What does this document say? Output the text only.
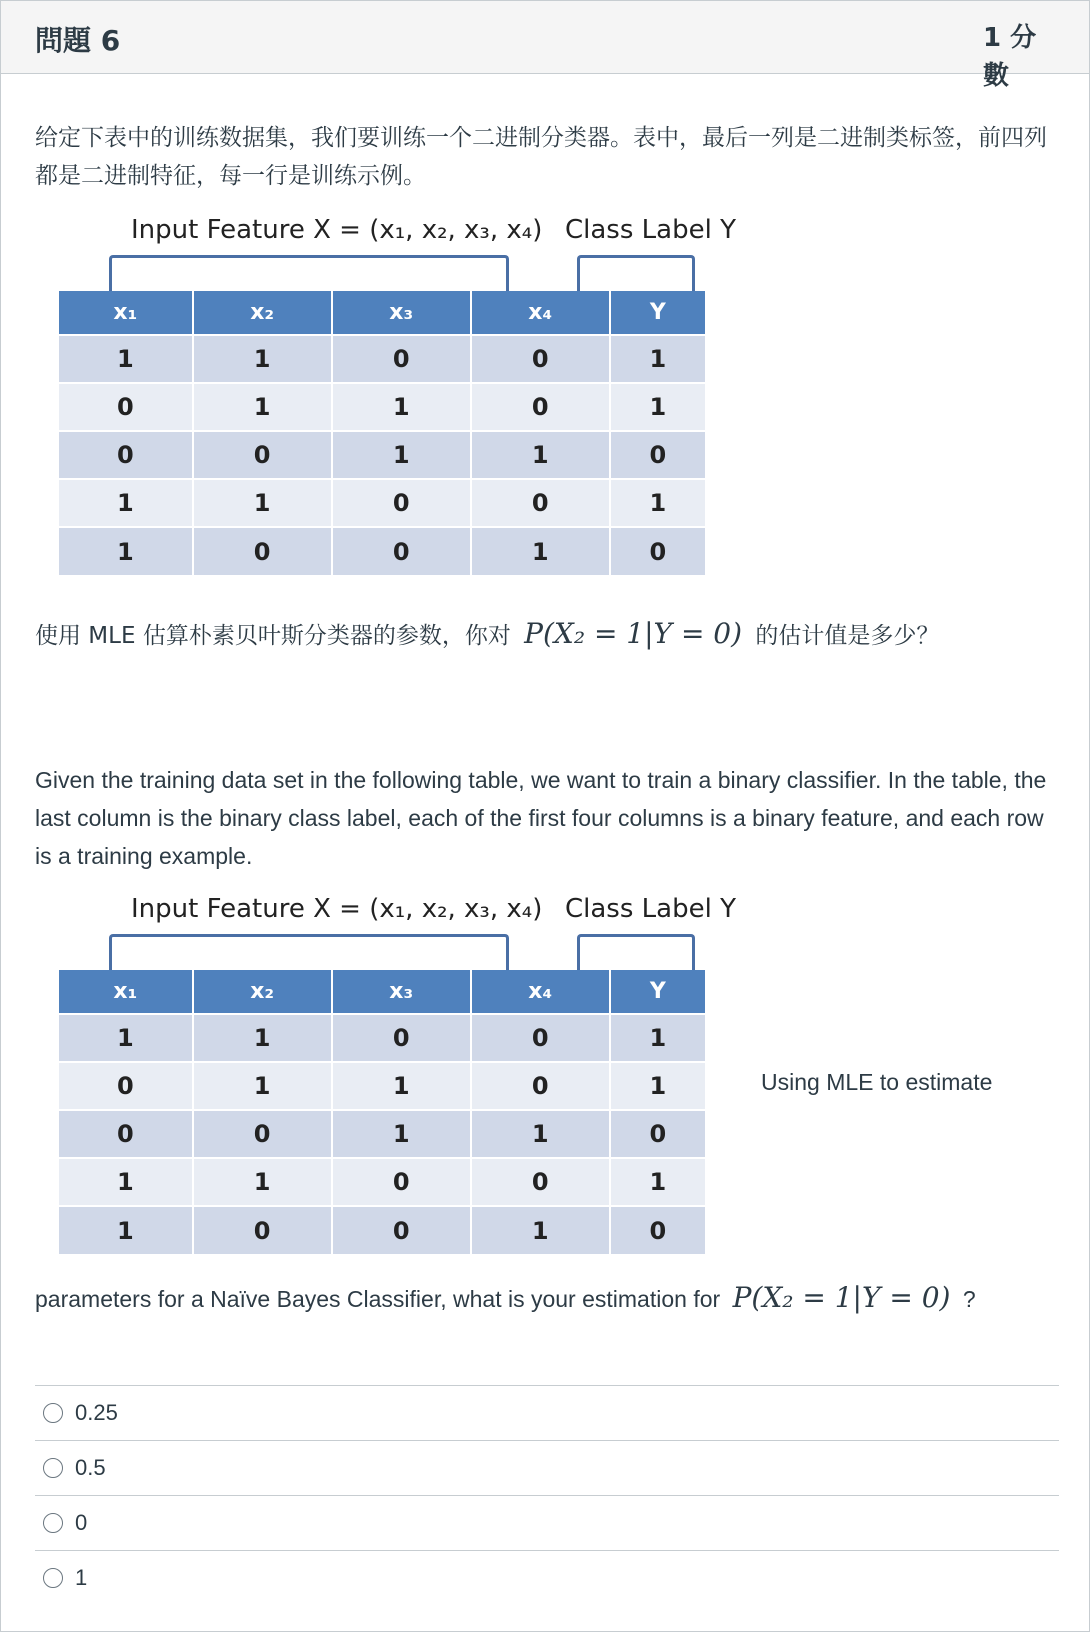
問題 6	1 分數
给定下表中的训练数据集，我们要训练一个二进制分类器。表中，最后一列是二进制类标签，前四列都是二进制特征，每一行是训练示例。
Input Feature X = (x₁, x₂, x₃, x₄) Class Label Y
x₁	x₂	x₃	x₄	Y
1	1	0	0	1
0	1	1	0	1
0	0	1	1	0
1	1	0	0	1
1	0	0	1	0
使用 MLE 估算朴素贝叶斯分类器的参数，你对 P(X₂ = 1|Y = 0) 的估计值是多少？
Given the training data set in the following table, we want to train a binary classifier. In the table, the last column is the binary class label, each of the first four columns is a binary feature, and each row is a training example.
Input Feature X = (x₁, x₂, x₃, x₄) Class Label Y
x₁	x₂	x₃	x₄	Y
1	1	0	0	1
0	1	1	0	1
0	0	1	1	0
1	1	0	0	1
1	0	0	1	0
Using MLE to estimate
parameters for a Naïve Bayes Classifier, what is your estimation for P(X₂ = 1|Y = 0) ?
0.25
0.5
0
1
